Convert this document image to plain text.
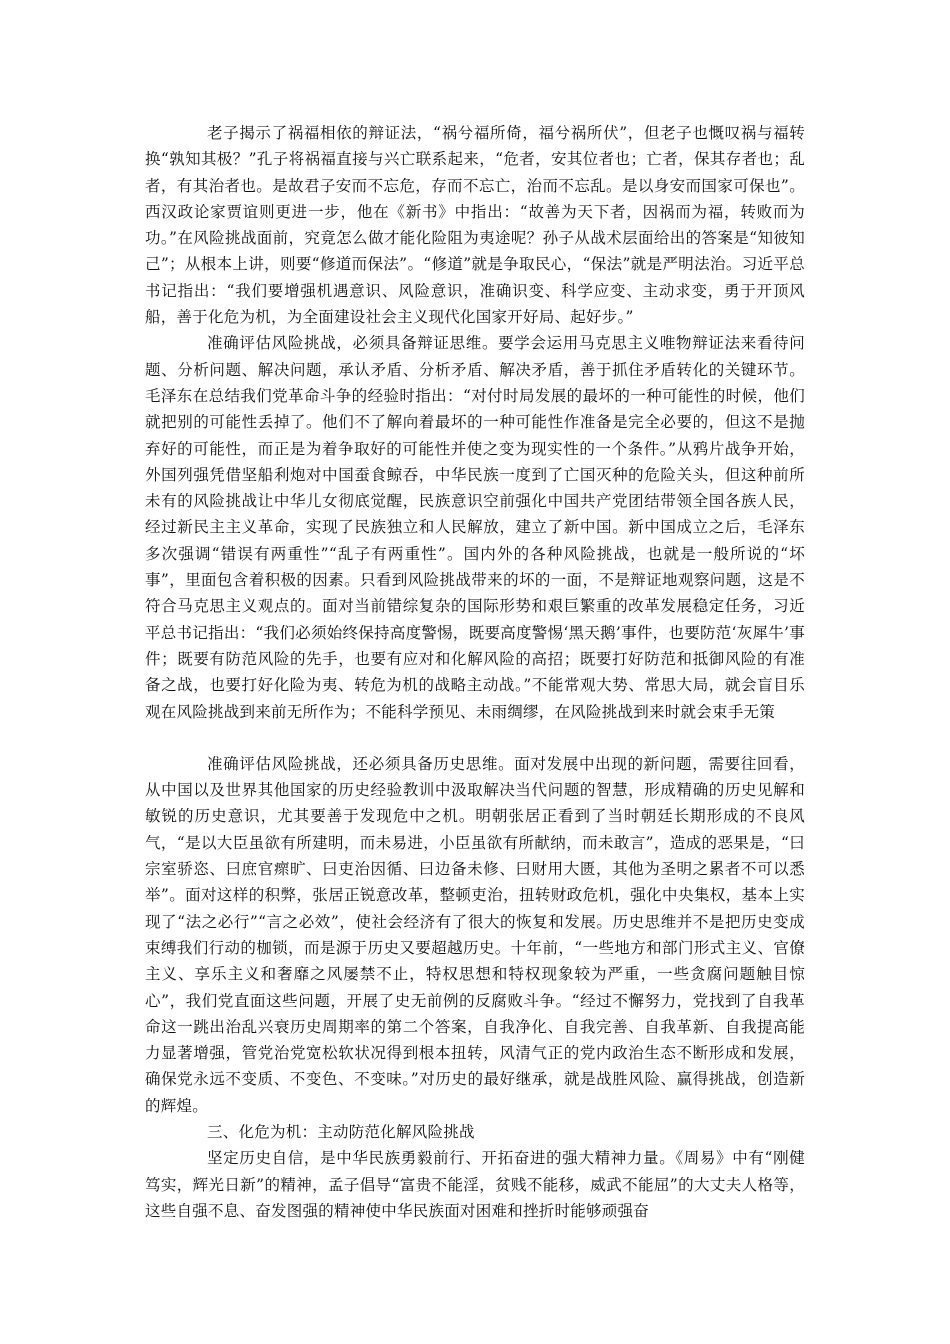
老子揭示了祸福相依的辩证法，“祸兮福所倚，福兮祸所伏”，但老子也慨叹祸与福转换“孰知其极？”孔子将祸福直接与兴亡联系起来，“危者，安其位者也；亡者，保其存者也；乱者，有其治者也。是故君子安而不忘危，存而不忘亡，治而不忘乱。是以身安而国家可保也”。西汉政论家贾谊则更进一步，他在《新书》中指出：“故善为天下者，因祸而为福，转败而为功。”在风险挑战面前，究竟怎么做才能化险阻为夷途呢？孙子从战术层面给出的答案是“知彼知己”；从根本上讲，则要“修道而保法”。“修道”就是争取民心，“保法”就是严明法治。习近平总书记指出：“我们要增强机遇意识、风险意识，准确识变、科学应变、主动求变，勇于开顶风船，善于化危为机，为全面建设社会主义现代化国家开好局、起好步。”

准确评估风险挑战，必须具备辩证思维。要学会运用马克思主义唯物辩证法来看待问题、分析问题、解决问题，承认矛盾、分析矛盾、解决矛盾，善于抓住矛盾转化的关键环节。毛泽东在总结我们党革命斗争的经验时指出：“对付时局发展的最坏的一种可能性的时候，他们就把别的可能性丢掉了。他们不了解向着最坏的一种可能性作准备是完全必要的，但这不是抛弃好的可能性，而正是为着争取好的可能性并使之变为现实性的一个条件。”从鸦片战争开始，外国列强凭借坚船利炮对中国蚕食鲸吞，中华民族一度到了亡国灭种的危险关头，但这种前所未有的风险挑战让中华儿女彻底觉醒，民族意识空前强化中国共产党团结带领全国各族人民，经过新民主主义革命，实现了民族独立和人民解放，建立了新中国。新中国成立之后，毛泽东多次强调“错误有两重性”“乱子有两重性”。国内外的各种风险挑战，也就是一般所说的“坏事”，里面包含着积极的因素。只看到风险挑战带来的坏的一面，不是辩证地观察问题，这是不符合马克思主义观点的。面对当前错综复杂的国际形势和艰巨繁重的改革发展稳定任务，习近平总书记指出：“我们必须始终保持高度警惕，既要高度警惕‘黑天鹅’事件，也要防范‘灰犀牛’事件；既要有防范风险的先手，也要有应对和化解风险的高招；既要打好防范和抵御风险的有准备之战，也要打好化险为夷、转危为机的战略主动战。”不能常观大势、常思大局，就会盲目乐观在风险挑战到来前无所作为；不能科学预见、未雨绸缪，在风险挑战到来时就会束手无策

准确评估风险挑战，还必须具备历史思维。面对发展中出现的新问题，需要往回看，从中国以及世界其他国家的历史经验教训中汲取解决当代问题的智慧，形成精确的历史见解和敏锐的历史意识，尤其要善于发现危中之机。明朝张居正看到了当时朝廷长期形成的不良风气，“是以大臣虽欲有所建明，而未易进，小臣虽欲有所献纳，而未敢言”，造成的恶果是，“曰宗室骄恣、曰庶官瘝旷、曰吏治因循、曰边备未修、曰财用大匮，其他为圣明之累者不可以悉举”。面对这样的积弊，张居正锐意改革，整顿吏治，扭转财政危机，强化中央集权，基本上实现了“法之必行”“言之必效”，使社会经济有了很大的恢复和发展。历史思维并不是把历史变成束缚我们行动的枷锁，而是源于历史又要超越历史。十年前，“一些地方和部门形式主义、官僚主义、享乐主义和奢靡之风屡禁不止，特权思想和特权现象较为严重，一些贪腐问题触目惊心”，我们党直面这些问题，开展了史无前例的反腐败斗争。“经过不懈努力，党找到了自我革命这一跳出治乱兴衰历史周期率的第二个答案，自我净化、自我完善、自我革新、自我提高能力显著增强，管党治党宽松软状况得到根本扭转，风清气正的党内政治生态不断形成和发展，确保党永远不变质、不变色、不变味。”对历史的最好继承，就是战胜风险、赢得挑战，创造新的辉煌。

三、化危为机：主动防范化解风险挑战

坚定历史自信，是中华民族勇毅前行、开拓奋进的强大精神力量。《周易》中有“刚健笃实，辉光日新”的精神，孟子倡导“富贵不能淫，贫贱不能移，威武不能屈”的大丈夫人格等，这些自强不息、奋发图强的精神使中华民族面对困难和挫折时能够顽强奋
